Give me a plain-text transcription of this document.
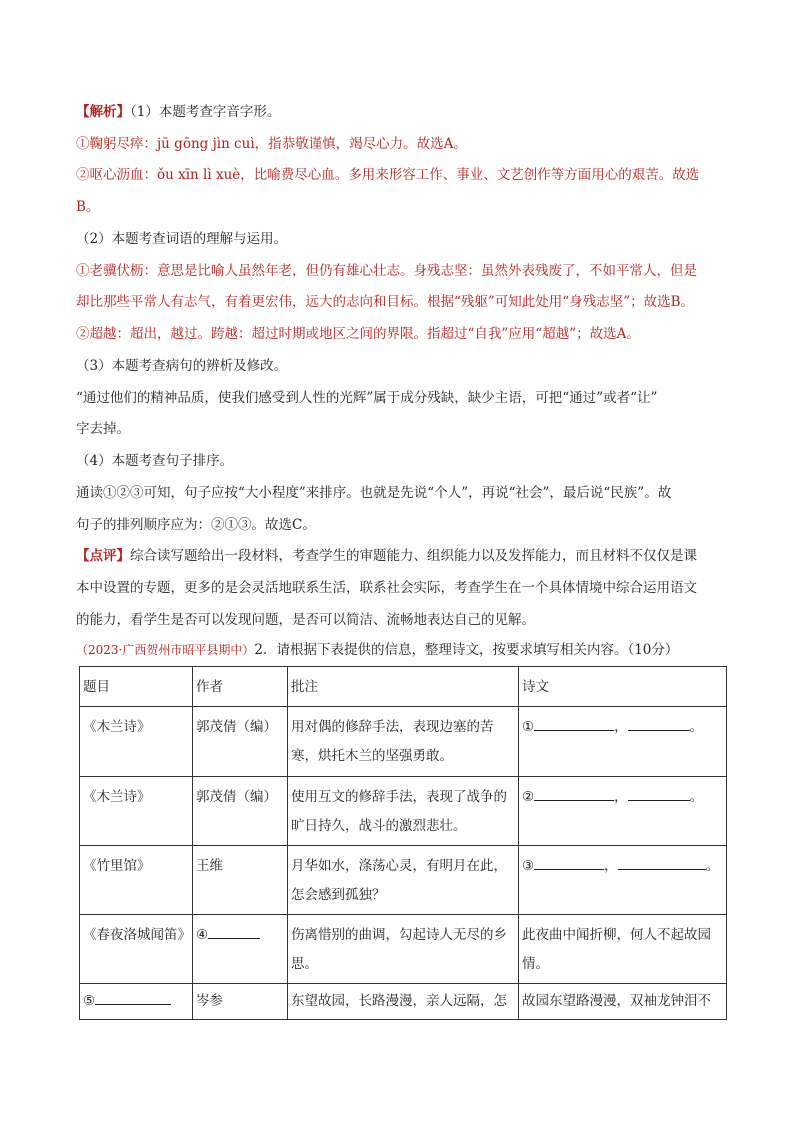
【解析】（1）本题考查字音字形。
①鞠躬尽瘁：jū gōng jìn cuì，指恭敬谨慎，竭尽心力。故选A。
②呕心沥血：ǒu xīn lì xuè，比喻费尽心血。多用来形容工作、事业、文艺创作等方面用心的艰苦。故选
B。
（2）本题考查词语的理解与运用。
①老骥伏枥：意思是比喻人虽然年老，但仍有雄心壮志。身残志坚：虽然外表残废了，不如平常人，但是
却比那些平常人有志气，有着更宏伟，远大的志向和目标。根据“残躯”可知此处用“身残志坚”；故选B。
②超越：超出，越过。跨越：超过时期或地区之间的界限。指超过“自我”应用“超越”；故选A。
（3）本题考查病句的辨析及修改。
“通过他们的精神品质，使我们感受到人性的光辉”属于成分残缺，缺少主语，可把“通过”或者“让”
字去掉。
（4）本题考查句子排序。
通读①②③可知，句子应按“大小程度”来排序。也就是先说“个人”，再说“社会”，最后说“民族”。故
句子的排列顺序应为：②①③。故选C。
【点评】综合读写题给出一段材料，考查学生的审题能力、组织能力以及发挥能力，而且材料不仅仅是课
本中设置的专题，更多的是会灵活地联系生活，联系社会实际，考查学生在一个具体情境中综合运用语文
的能力，看学生是否可以发现问题，是否可以简洁、流畅地表达自己的见解。
（2023·广西贺州市昭平县期中）2．请根据下表提供的信息，整理诗文，按要求填写相关内容。（10分）
题目	作者	批注	诗文
《木兰诗》	郭茂倩（编）	用对偶的修辞手法，表现边塞的苦寒，烘托木兰的坚强勇敢。	① ， 。
《木兰诗》	郭茂倩（编）	使用互文的修辞手法，表现了战争的旷日持久，战斗的激烈悲壮。	② ， 。
《竹里馆》	王维	月华如水，涤荡心灵，有明月在此，怎会感到孤独？	③ ， 。
《春夜洛城闻笛》	④	伤离惜别的曲调，勾起诗人无尽的乡思。	此夜曲中闻折柳，何人不起故园情。
⑤	岑参	东望故园，长路漫漫，亲人远隔，怎	故园东望路漫漫，双袖龙钟泪不
